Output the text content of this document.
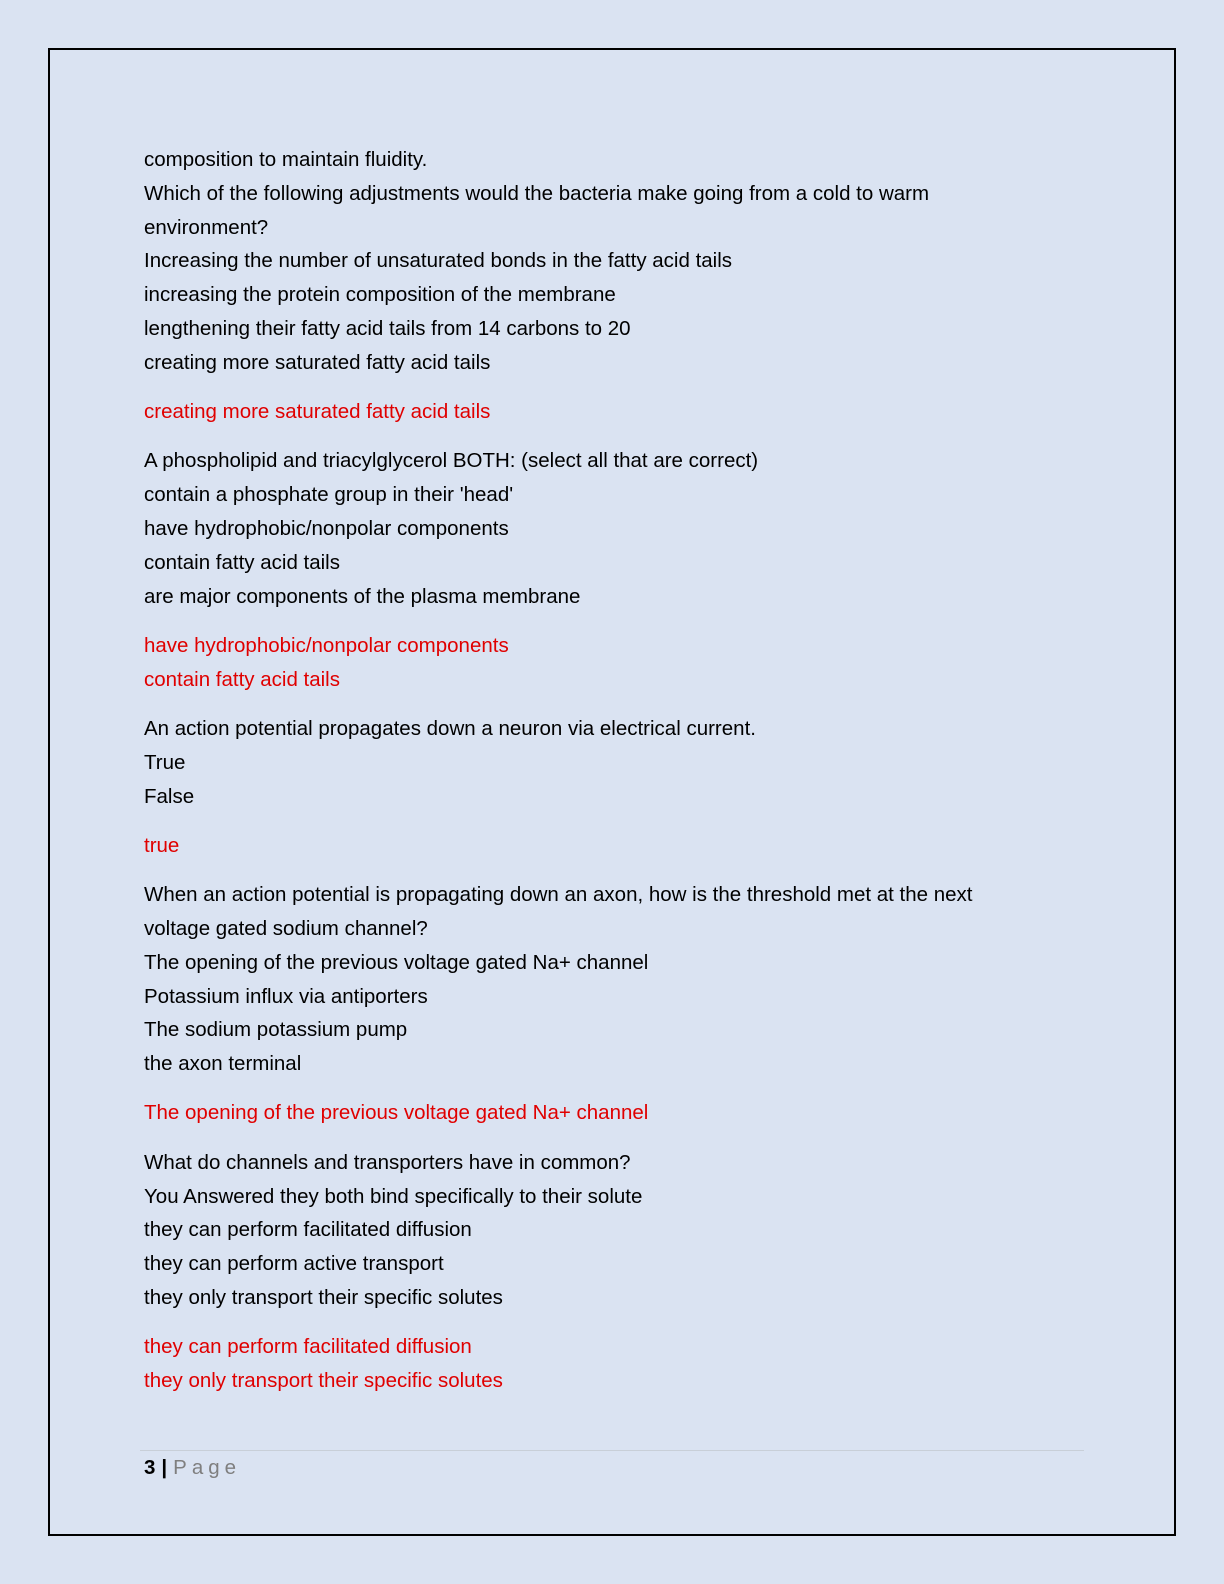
composition to maintain fluidity.
Which of the following adjustments would the bacteria make going from a cold to warm
environment?
Increasing the number of unsaturated bonds in the fatty acid tails
increasing the protein composition of the membrane
lengthening their fatty acid tails from 14 carbons to 20
creating more saturated fatty acid tails
creating more saturated fatty acid tails
A phospholipid and triacylglycerol BOTH: (select all that are correct)
contain a phosphate group in their 'head'
have hydrophobic/nonpolar components
contain fatty acid tails
are major components of the plasma membrane
have hydrophobic/nonpolar components
contain fatty acid tails
An action potential propagates down a neuron via electrical current.
True
False
true
When an action potential is propagating down an axon, how is the threshold met at the next
voltage gated sodium channel?
The opening of the previous voltage gated Na+ channel
Potassium influx via antiporters
The sodium potassium pump
the axon terminal
The opening of the previous voltage gated Na+ channel
What do channels and transporters have in common?
You Answered they both bind specifically to their solute
they can perform facilitated diffusion
they can perform active transport
they only transport their specific solutes
they can perform facilitated diffusion
they only transport their specific solutes
3 | Page
